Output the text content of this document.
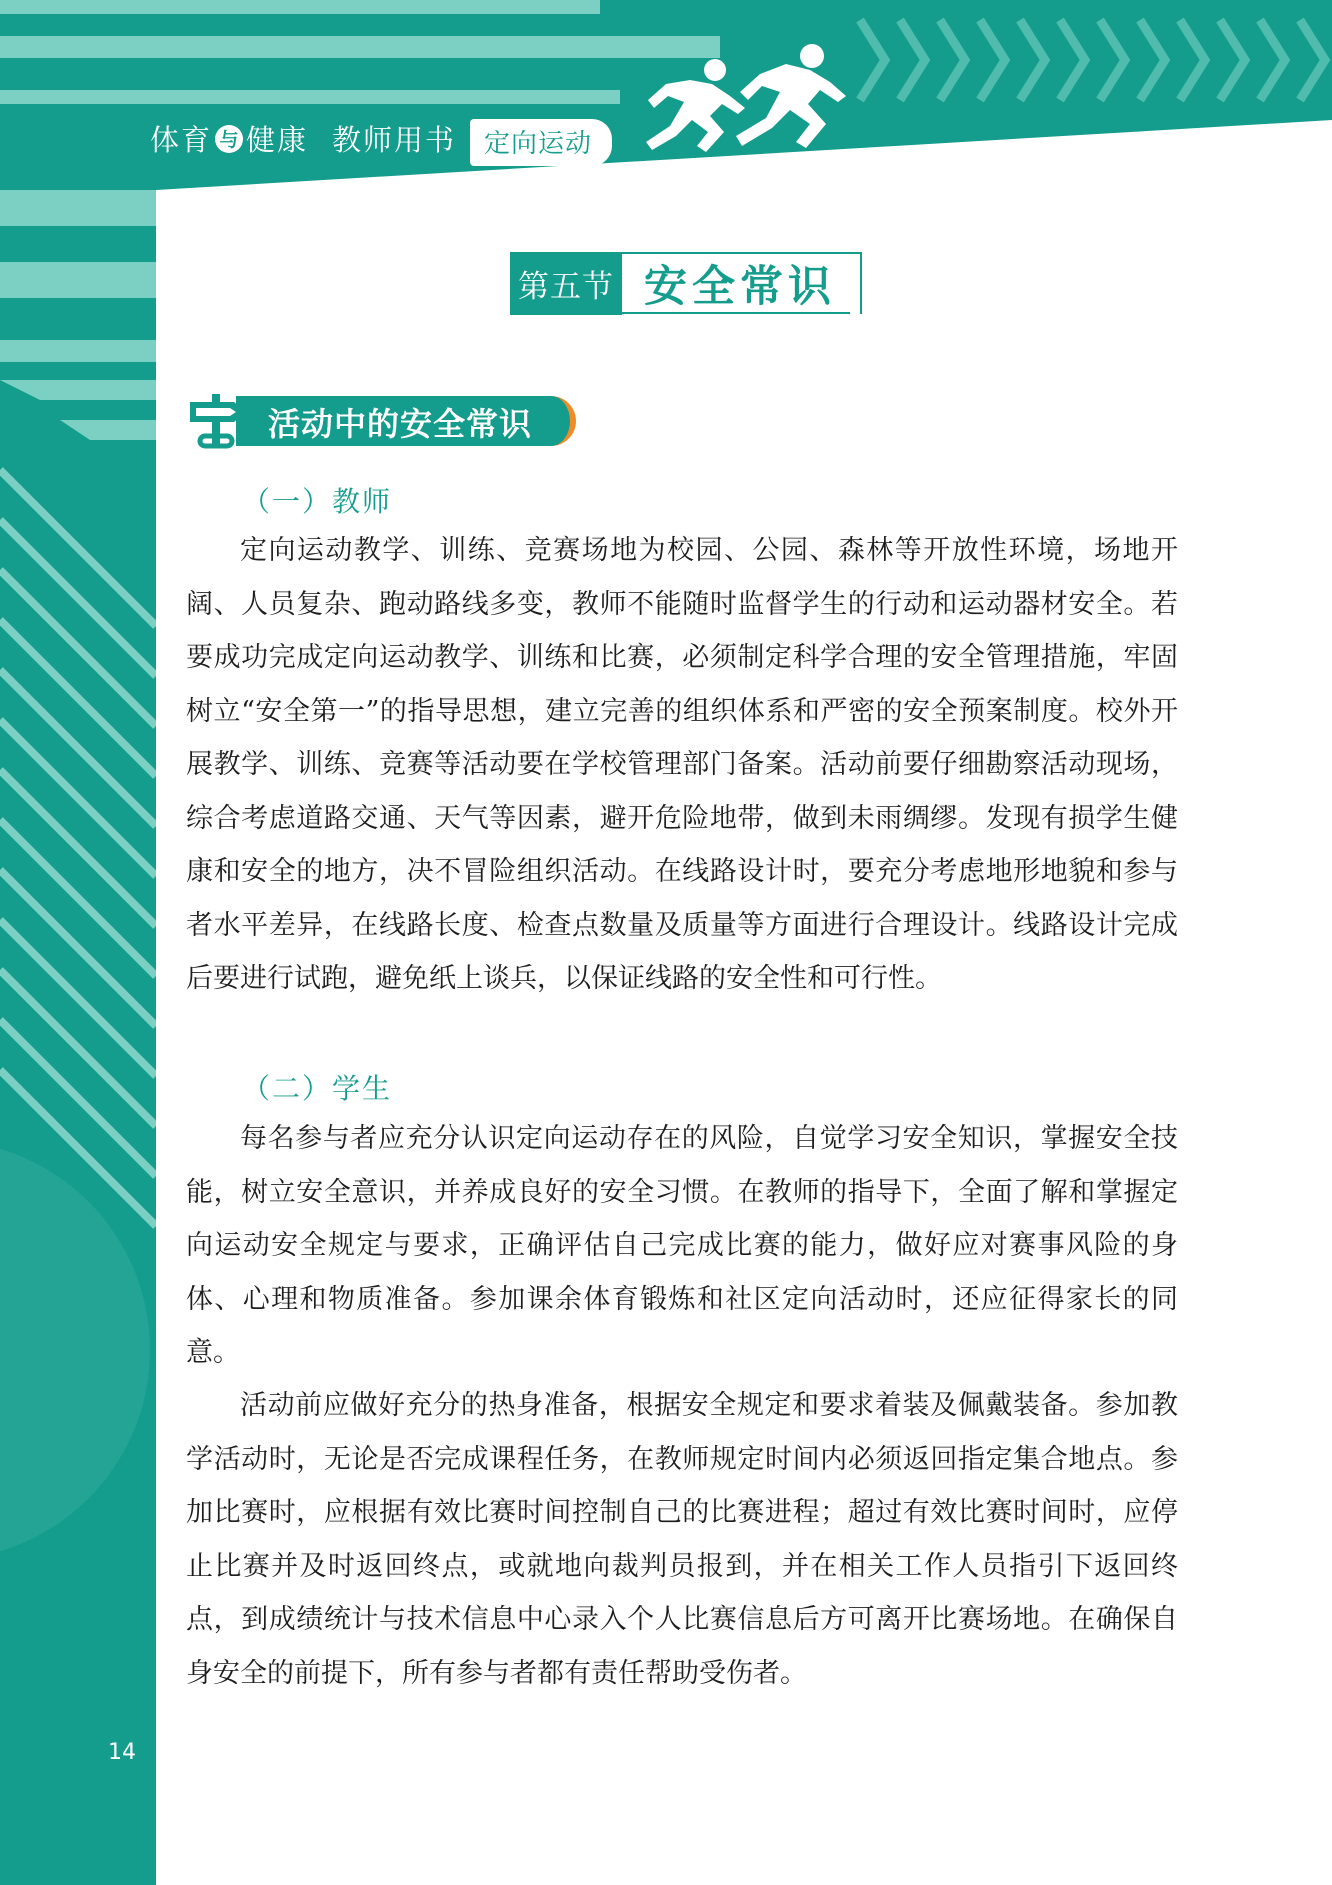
体育 与 健康 教师用书	定向运动
第五节 安全常识
活动中的安全常识
（一）教师

定向运动教学、训练、竞赛场地为校园、公园、森林等开放性环境，场地开阔、人员复杂、跑动路线多变，教师不能随时监督学生的行动和运动器材安全。若要成功完成定向运动教学、训练和比赛，必须制定科学合理的安全管理措施，牢固树立“安全第一”的指导思想，建立完善的组织体系和严密的安全预案制度。校外开展教学、训练、竞赛等活动要在学校管理部门备案。活动前要仔细勘察活动现场，综合考虑道路交通、天气等因素，避开危险地带，做到未雨绸缪。发现有损学生健康和安全的地方，决不冒险组织活动。在线路设计时，要充分考虑地形地貌和参与者水平差异，在线路长度、检查点数量及质量等方面进行合理设计。线路设计完成后要进行试跑，避免纸上谈兵，以保证线路的安全性和可行性。

（二）学生

每名参与者应充分认识定向运动存在的风险，自觉学习安全知识，掌握安全技能，树立安全意识，并养成良好的安全习惯。在教师的指导下，全面了解和掌握定向运动安全规定与要求，正确评估自己完成比赛的能力，做好应对赛事风险的身体、心理和物质准备。参加课余体育锻炼和社区定向活动时，还应征得家长的同意。

活动前应做好充分的热身准备，根据安全规定和要求着装及佩戴装备。参加教学活动时，无论是否完成课程任务，在教师规定时间内必须返回指定集合地点。参加比赛时，应根据有效比赛时间控制自己的比赛进程；超过有效比赛时间时，应停止比赛并及时返回终点，或就地向裁判员报到，并在相关工作人员指引下返回终点，到成绩统计与技术信息中心录入个人比赛信息后方可离开比赛场地。在确保自身安全的前提下，所有参与者都有责任帮助受伤者。

14
